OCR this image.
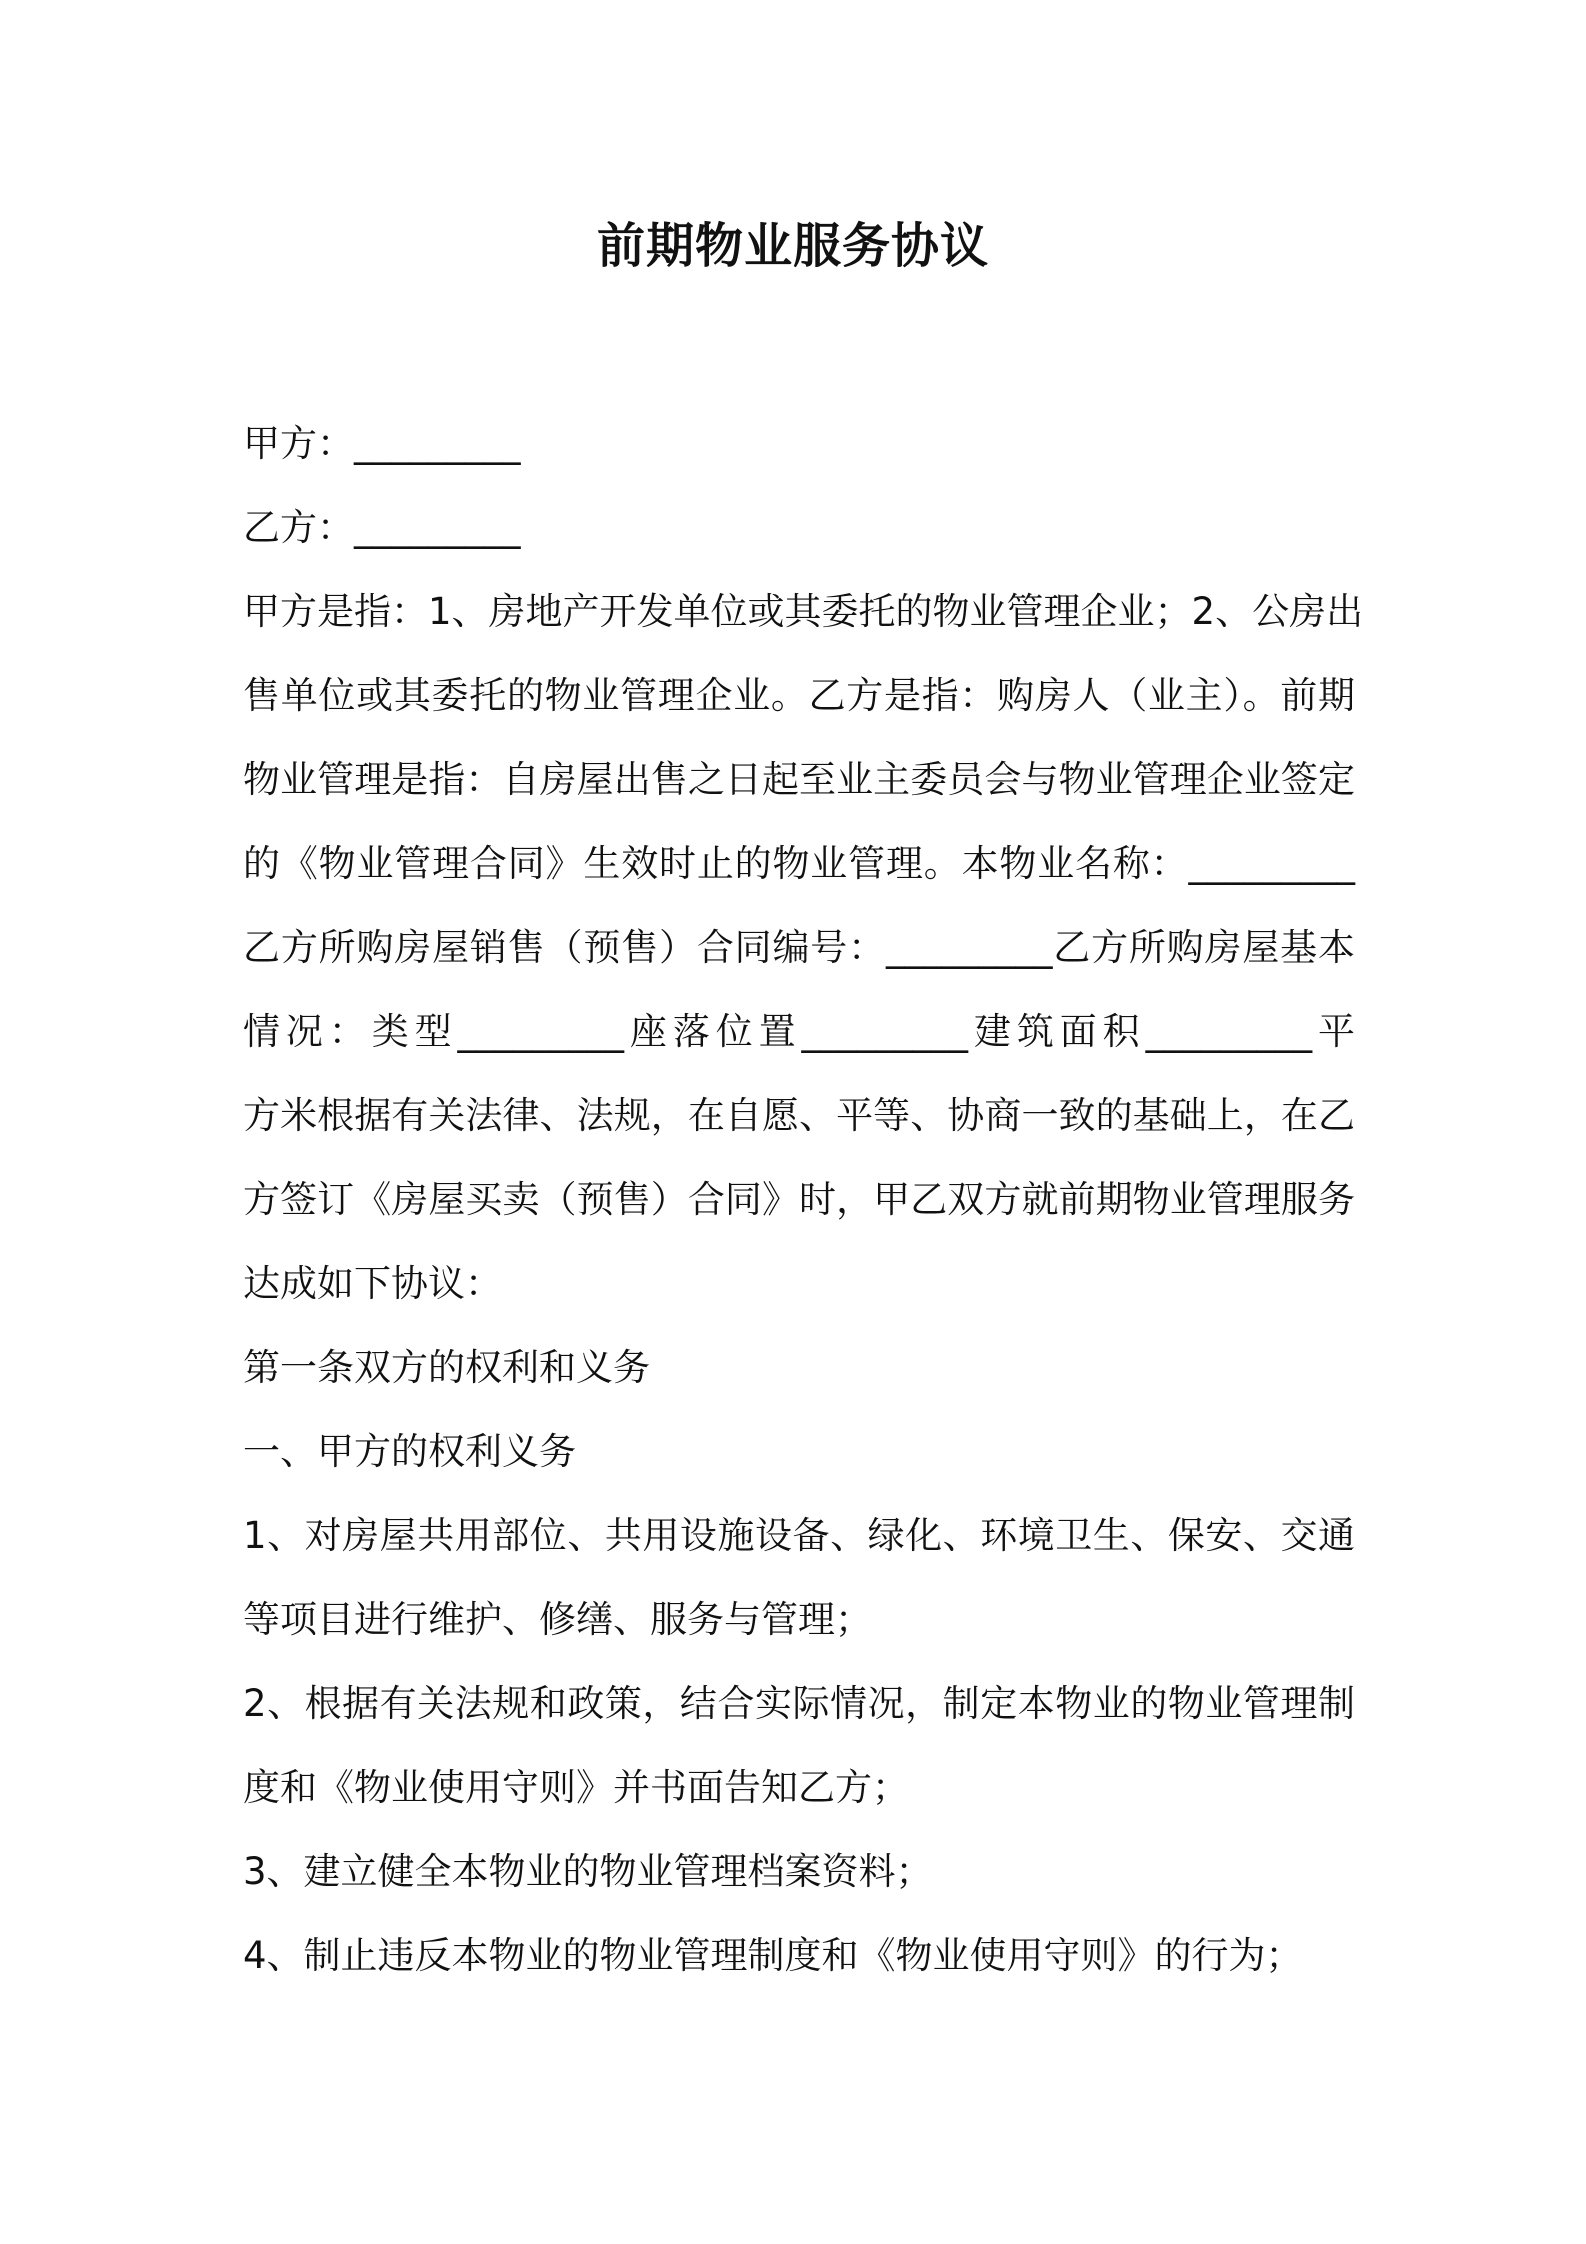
前期物业服务协议

甲方：_________

乙方：_________

甲方是指：1、房地产开发单位或其委托的物业管理企业；2、公房出

售单位或其委托的物业管理企业。乙方是指：购房人（业主）。前期

物业管理是指：自房屋出售之日起至业主委员会与物业管理企业签定

的《物业管理合同》生效时止的物业管理。本物业名称：_________

乙方所购房屋销售（预售）合同编号：_________乙方所购房屋基本

情况：类型_________座落位置_________建筑面积_________平

方米根据有关法律、法规，在自愿、平等、协商一致的基础上，在乙

方签订《房屋买卖（预售）合同》时，甲乙双方就前期物业管理服务

达成如下协议：

第一条双方的权利和义务

一、甲方的权利义务

1、对房屋共用部位、共用设施设备、绿化、环境卫生、保安、交通

等项目进行维护、修缮、服务与管理；

2、根据有关法规和政策，结合实际情况，制定本物业的物业管理制

度和《物业使用守则》并书面告知乙方；

3、建立健全本物业的物业管理档案资料；

4、制止违反本物业的物业管理制度和《物业使用守则》的行为；
